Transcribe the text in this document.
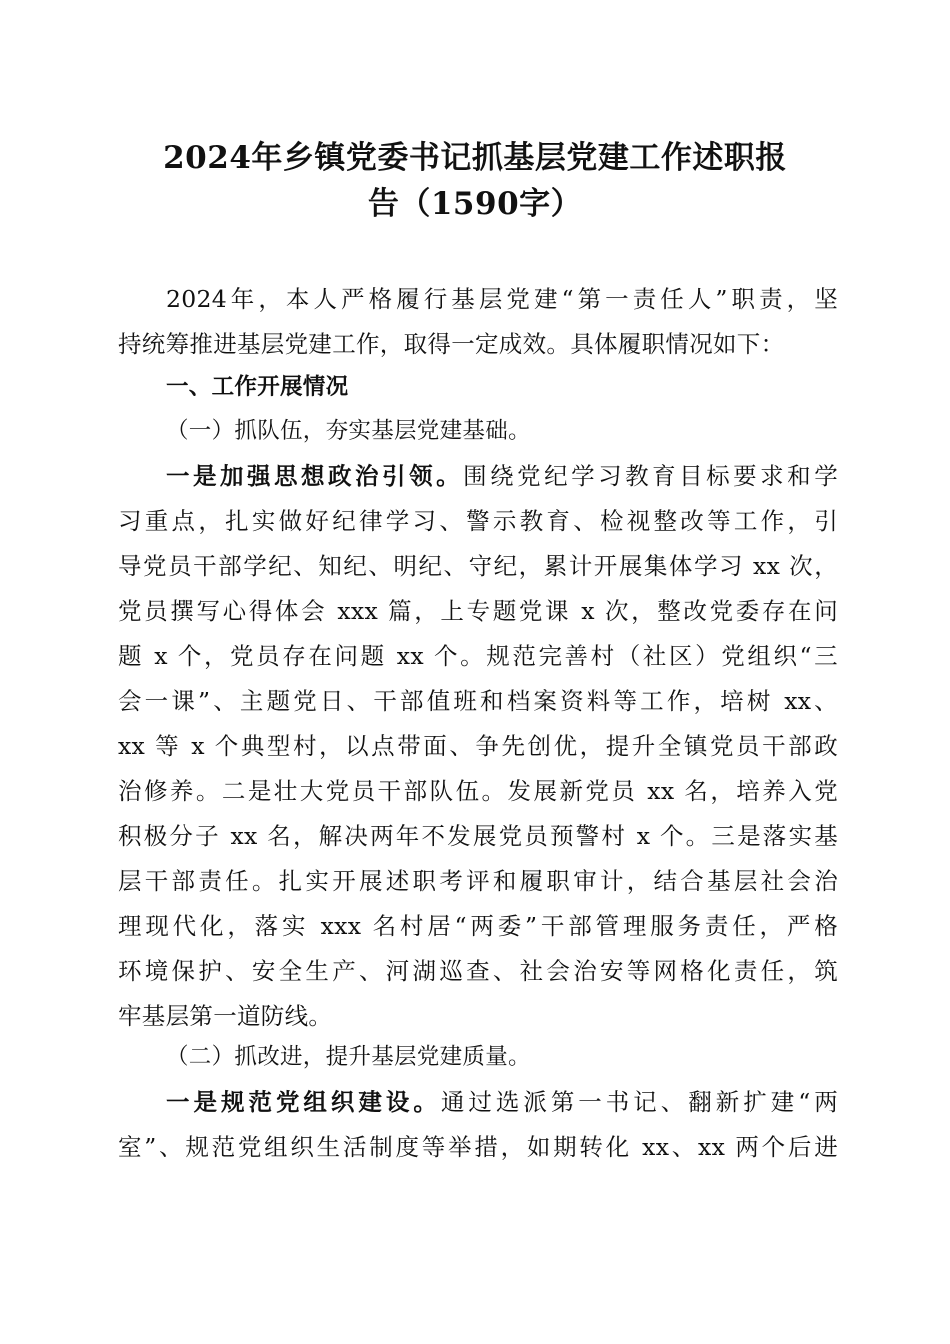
2024年乡镇党委书记抓基层党建工作述职报
告（1590字）
2024年，本人严格履行基层党建“第一责任人”职责，坚
持统筹推进基层党建工作，取得一定成效。具体履职情况如下：
一、工作开展情况
（一）抓队伍，夯实基层党建基础。
一是加强思想政治引领。围绕党纪学习教育目标要求和学
习重点，扎实做好纪律学习、警示教育、检视整改等工作，引
导党员干部学纪、知纪、明纪、守纪，累计开展集体学习 xx 次，
党员撰写心得体会 xxx 篇，上专题党课 x 次，整改党委存在问
题 x 个，党员存在问题 xx 个。规范完善村（社区）党组织“三
会一课”、主题党日、干部值班和档案资料等工作，培树 xx、
xx 等 x 个典型村，以点带面、争先创优，提升全镇党员干部政
治修养。二是壮大党员干部队伍。发展新党员 xx 名，培养入党
积极分子 xx 名，解决两年不发展党员预警村 x 个。三是落实基
层干部责任。扎实开展述职考评和履职审计，结合基层社会治
理现代化，落实 xxx 名村居“两委”干部管理服务责任，严格
环境保护、安全生产、河湖巡查、社会治安等网格化责任，筑
牢基层第一道防线。
（二）抓改进，提升基层党建质量。
一是规范党组织建设。通过选派第一书记、翻新扩建“两
室”、规范党组织生活制度等举措，如期转化 xx、xx 两个后进
